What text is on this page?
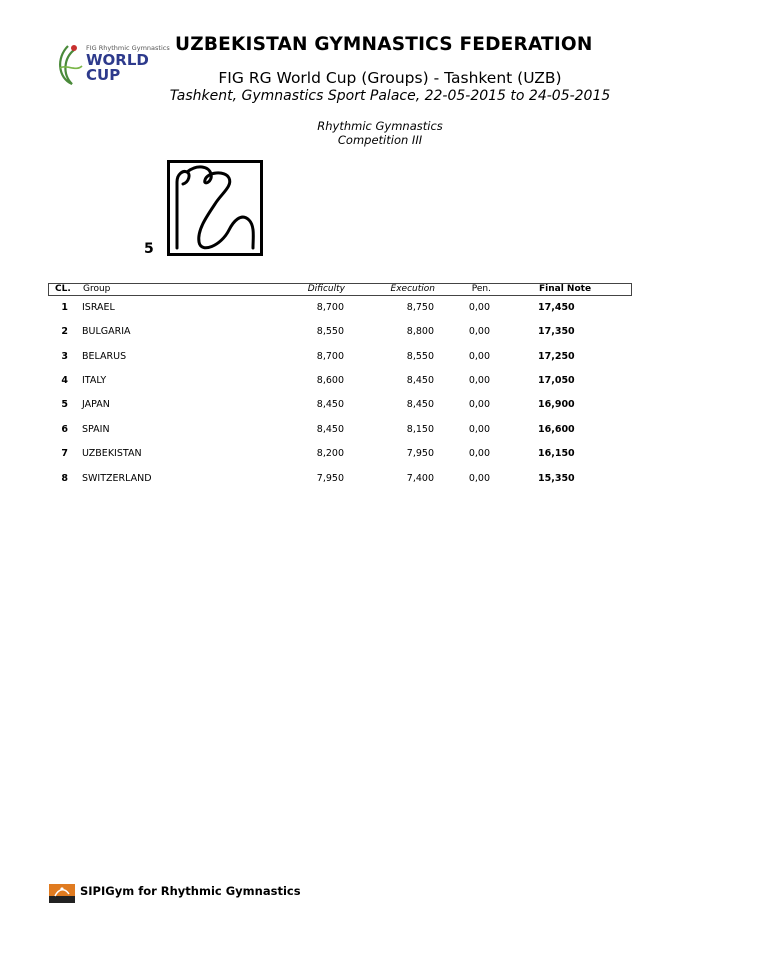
FIG Rhythmic Gymnastics
WORLD
CUP
UZBEKISTAN GYMNASTICS FEDERATION
FIG RG World Cup (Groups) - Tashkent (UZB)
Tashkent, Gymnastics Sport Palace, 22-05-2015 to 24-05-2015
Rhythmic Gymnastics
Competition III
5
CL. Group	Dificulty	Execution	Pen.	Final Note
1 ISRAEL	8,700	8,750	0,00	17,450
2 BULGARIA	8,550	8,800	0,00	17,350
3 BELARUS	8,700	8,550	0,00	17,250
4 ITALY	8,600	8,450	0,00	17,050
5 JAPAN	8,450	8,450	0,00	16,900
6 SPAIN	8,450	8,150	0,00	16,600
7 UZBEKISTAN	8,200	7,950	0,00	16,150
8 SWITZERLAND	7,950	7,400	0,00	15,350
SIPIGym for Rhythmic Gymnastics
